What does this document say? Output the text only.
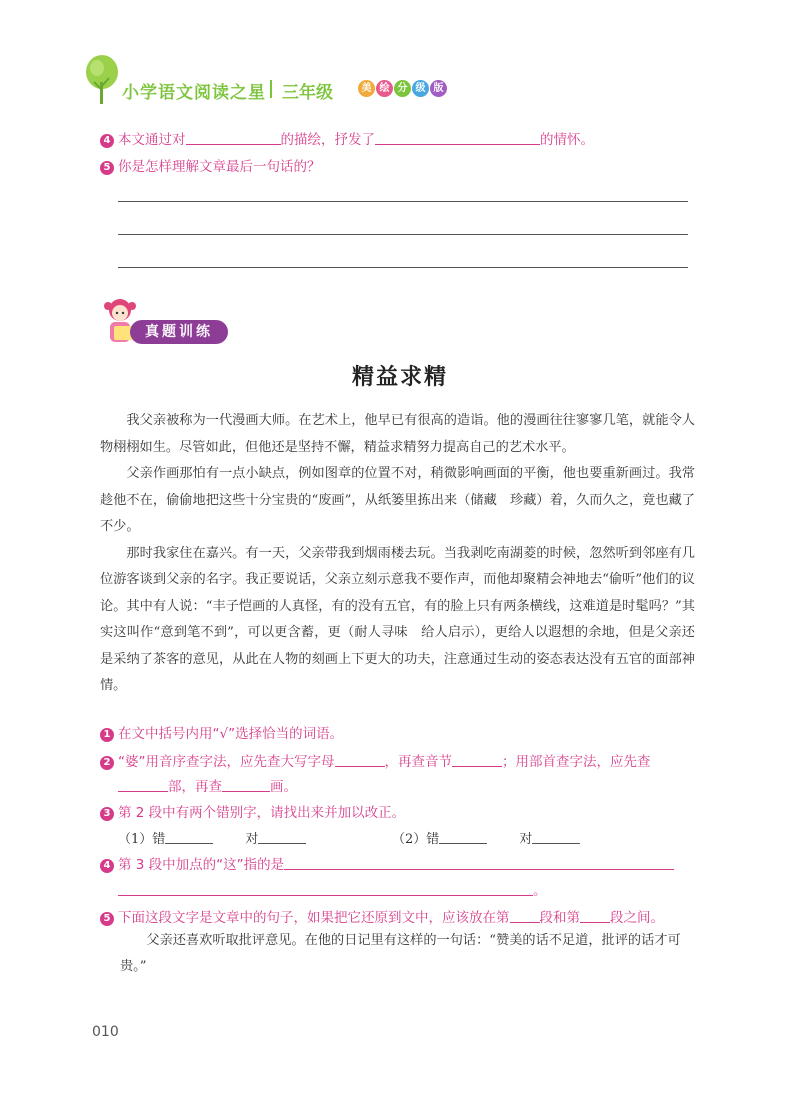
小学语文阅读之星 三年级	美 绘 分 级 版
4 本文通过对	的描绘，抒发了	的情怀。
5 你是怎样理解文章最后一句话的？
真题训练
精益求精

我父亲被称为一代漫画大师。在艺术上，他早已有很高的造诣。他的漫画往往寥寥几笔，就能令人物栩栩如生。尽管如此，但他还是坚持不懈，精益求精努力提高自己的艺术水平。

父亲作画那怕有一点小缺点，例如图章的位置不对，稍微影响画面的平衡，他也要重新画过。我常趁他不在，偷偷地把这些十分宝贵的“废画”，从纸篓里拣出来（储藏　珍藏）着，久而久之，竟也藏了不少。

那时我家住在嘉兴。有一天，父亲带我到烟雨楼去玩。当我剥吃南湖菱的时候，忽然听到邻座有几位游客谈到父亲的名字。我正要说话，父亲立刻示意我不要作声，而他却聚精会神地去“偷听”他们的议论。其中有人说：“丰子恺画的人真怪，有的没有五官，有的脸上只有两条横线，这难道是时髦吗？”其实这叫作“意到笔不到”，可以更含蓄，更（耐人寻味　给人启示），更给人以遐想的余地，但是父亲还是采纳了茶客的意见，从此在人物的刻画上下更大的功夫，注意通过生动的姿态表达没有五官的面部神情。

1 在文中括号内用“√”选择恰当的词语。
2 “婆”用音序查字法，应先查大写字母	，再查音节	；用部首查字法，应先查
部，再查	画。
3 第 2 段中有两个错别字，请找出来并加以改正。
（1）错	对	（2）错	对
4 第 3 段中加点的“这”指的是
。
5 下面这段文字是文章中的句子，如果把它还原到文中，应该放在第 段和第 段之间。
父亲还喜欢听取批评意见。在他的日记里有这样的一句话：“赞美的话不足道，批评的话才可贵。”
010
